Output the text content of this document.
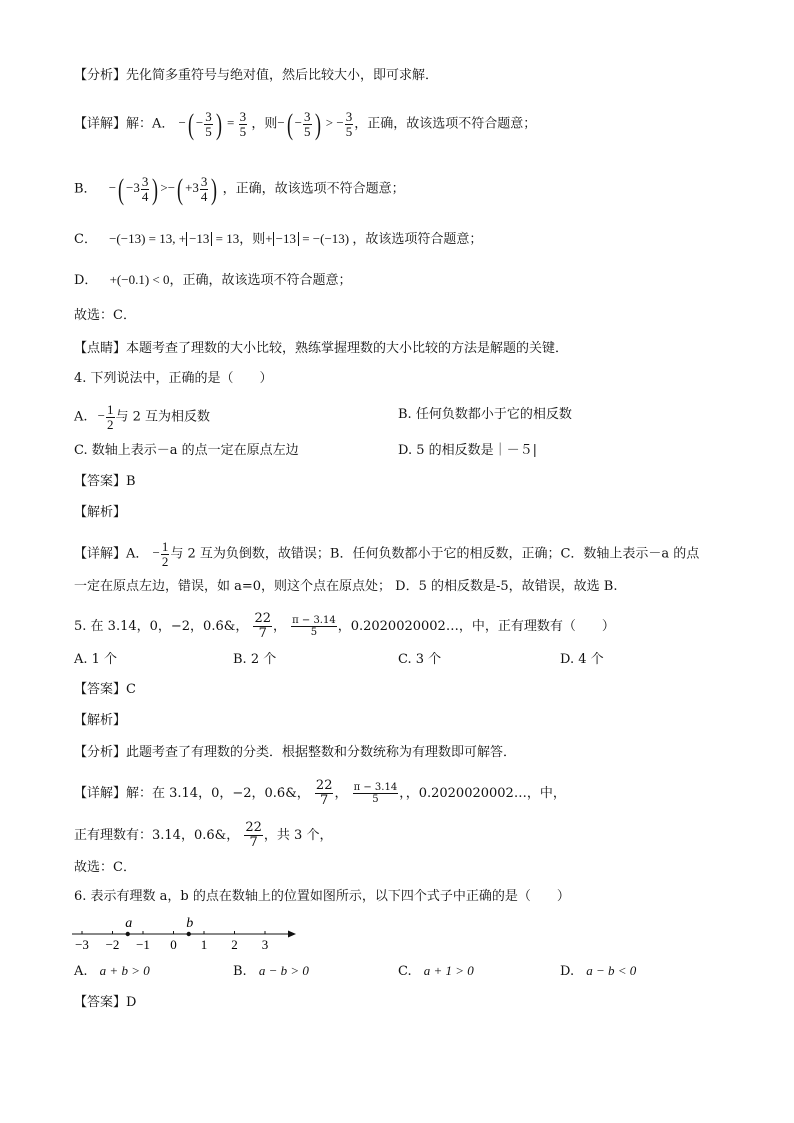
【分析】先化简多重符号与绝对值，然后比较大小，即可求解．
【详解】解：A． −( − $\frac{3}{5}$ ) = $\frac{3}{5}$ ，则−( − $\frac{3}{5}$ ) > − $\frac{3}{5}$ ，正确，故该选项不符合题意；
B． −( $-3 \frac{3}{4}$ ) >−( $+3 \frac{3}{4}$ ) ，正确，故该选项不符合题意；
C． −(−13) = 13, + −13 = 13，则+ −13 = −(−13) ，故该选项符合题意；
D． +(−0.1) < 0，正确，故该选项不符合题意；
故选：C．
【点睛】本题考查了理数的大小比较，熟练掌握理数的大小比较的方法是解题的关键．
4. 下列说法中，正确的是（　　）
A. − $\frac{1}{2}$ 与 2 互为相反数	B. 任何负数都小于它的相反数
C. 数轴上表示－a 的点一定在原点左边	D. 5 的相反数是｜－５|
【答案】B
【解析】
【详解】A． − $\frac{1}{2}$ 与 2 互为负倒数，故错误；B．任何负数都小于它的相反数，正确；C．数轴上表示－a 的点
一定在原点左边，错误，如 a=0，则这个点在原点处； D．5 的相反数是-5，故错误，故选 B.
5. 在 3.14，0，−2，0.6̇&， $\frac{22}{7}$ ， $\frac{\pi - 3.14}{5}$ ，0.2020020002…，中，正有理数有（　　）
A. 1 个	B. 2 个	C. 3 个	D. 4 个
【答案】C
【解析】
【分析】此题考查了有理数的分类．根据整数和分数统称为有理数即可解答．
【详解】解：在 3.14，0，−2，0.6̇&， $\frac{22}{7}$ ， $\frac{\pi - 3.14}{5}$ ，，0.2020020002…，中，
正有理数有：3.14，0.6̇&， $\frac{22}{7}$ ，共 3 个，
故选：C．
6. 表示有理数 a，b 的点在数轴上的位置如图所示，以下四个式子中正确的是（　　）
−3 −2 −1 0 1 2 3
a	b
A. a + b > 0	B. a − b > 0	C. a + 1 > 0	D. a − b < 0
【答案】D
